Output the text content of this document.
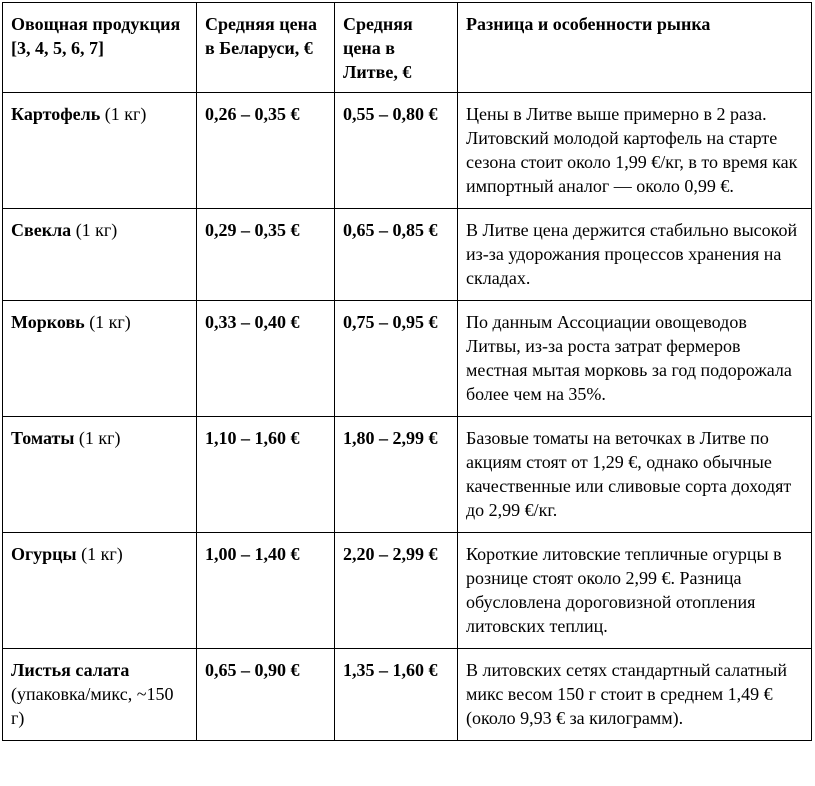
Овощная продукция [3, 4, 5, 6, 7]	Средняя цена в Беларуси, €	Средняя цена в Литве, €	Разница и особенности рынка
Картофель (1 кг)	0,26 – 0,35 €	0,55 – 0,80 €	Цены в Литве выше примерно в 2 раза. Литовский молодой картофель на старте сезона стоит около 1,99 €/кг, в то время как импортный аналог — около 0,99 €.
Свекла (1 кг)	0,29 – 0,35 €	0,65 – 0,85 €	В Литве цена держится стабильно высокой из-за удорожания процессов хранения на складах.
Морковь (1 кг)	0,33 – 0,40 €	0,75 – 0,95 €	По данным Ассоциации овощеводов Литвы, из-за роста затрат фермеров местная мытая морковь за год подорожала более чем на 35%.
Томаты (1 кг)	1,10 – 1,60 €	1,80 – 2,99 €	Базовые томаты на веточках в Литве по акциям стоят от 1,29 €, однако обычные качественные или сливовые сорта доходят до 2,99 €/кг.
Огурцы (1 кг)	1,00 – 1,40 €	2,20 – 2,99 €	Короткие литовские тепличные огурцы в рознице стоят около 2,99 €. Разница обусловлена дороговизной отопления литовских теплиц.
Листья салата (упаковка/микс, ~150 г)	0,65 – 0,90 €	1,35 – 1,60 €	В литовских сетях стандартный салатный микс весом 150 г стоит в среднем 1,49 € (около 9,93 € за килограмм).
